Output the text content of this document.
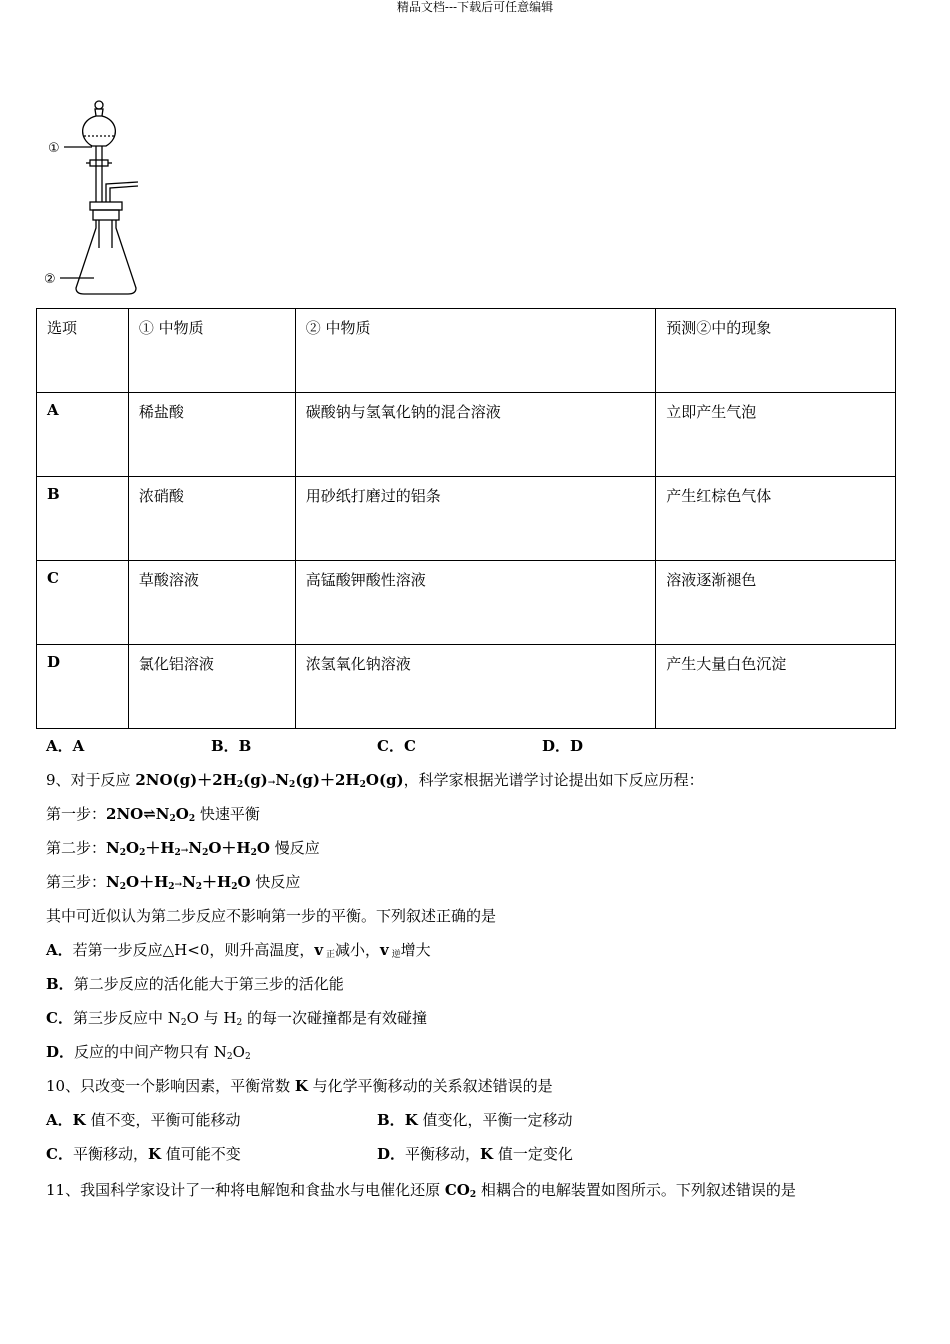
精品文档---下载后可任意编辑
①
②
选项	① 中物质	② 中物质	预测②中的现象
A	稀盐酸	碳酸钠与氢氧化钠的混合溶液	立即产生气泡
B	浓硝酸	用砂纸打磨过的铝条	产生红棕色气体
C	草酸溶液	高锰酸钾酸性溶液	溶液逐渐褪色
D	氯化铝溶液	浓氢氧化钠溶液	产生大量白色沉淀
A．A	B．B	C．C	D．D
9、对于反应 $2NO(g)+2H_2(g)\to N_2(g)+2H_2O(g)$，科学家根据光谱学讨论提出如下反应历程：
第一步：$2NO\rightleftharpoons N_2O_2$ 快速平衡
第二步：$N_2O_2+H_2\to N_2O+H_2O$ 慢反应
第三步：$N_2O+H_2\to N_2+H_2O$ 快反应
其中可近似认为第二步反应不影响第一步的平衡。下列叙述正确的是
A．若第一步反应△H<0，则升高温度，v $_正$减小，v $_逆$增大
B．第二步反应的活化能大于第三步的活化能
C．第三步反应中 $N_2O$ 与 $H_2$ 的每一次碰撞都是有效碰撞
D．反应的中间产物只有 $N_2O_2$
10、只改变一个影响因素，平衡常数 K 与化学平衡移动的关系叙述错误的是
A．K 值不变，平衡可能移动	B．K 值变化，平衡一定移动
C．平衡移动，K 值可能不变	D．平衡移动，K 值一定变化
11、我国科学家设计了一种将电解饱和食盐水与电催化还原 $CO_2$ 相耦合的电解装置如图所示。下列叙述错误的是
